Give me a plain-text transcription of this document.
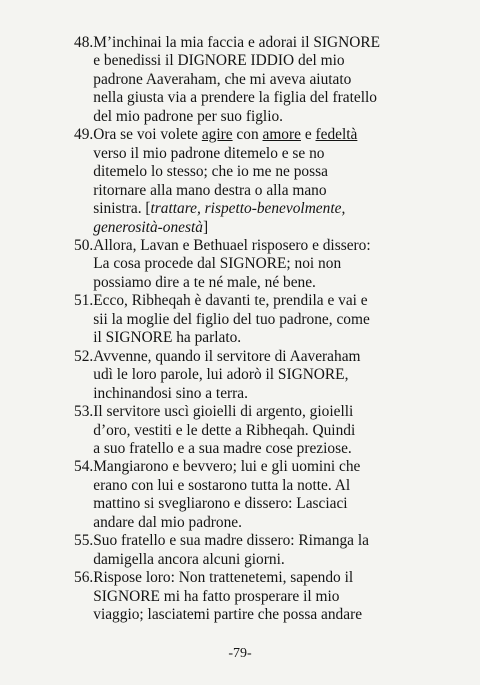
48. M’inchinai la mia faccia e adorai il SIGNORE
e benedissi il DIGNORE IDDIO del mio
padrone Aaveraham, che mi aveva aiutato
nella giusta via a prendere la figlia del fratello
del mio padrone per suo figlio.
49. Ora se voi volete agire con amore e fedeltà
verso il mio padrone ditemelo e se no
ditemelo lo stesso; che io me ne possa
ritornare alla mano destra o alla mano
sinistra. [trattare, rispetto-benevolmente,
generosità-onestà]
50. Allora, Lavan e Bethuael risposero e dissero:
La cosa procede dal SIGNORE; noi non
possiamo dire a te né male, né bene.
51. Ecco, Ribheqah è davanti te, prendila e vai e
sii la moglie del figlio del tuo padrone, come
il SIGNORE ha parlato.
52. Avvenne, quando il servitore di Aaveraham
udì le loro parole, lui adorò il SIGNORE,
inchinandosi sino a terra.
53. Il servitore uscì gioielli di argento, gioielli
d’oro, vestiti e le dette a Ribheqah. Quindi
a suo fratello e a sua madre cose preziose.
54. Mangiarono e bevvero; lui e gli uomini che
erano con lui e sostarono tutta la notte. Al
mattino si svegliarono e dissero: Lasciaci
andare dal mio padrone.
55. Suo fratello e sua madre dissero: Rimanga la
damigella ancora alcuni giorni.
56. Rispose loro: Non trattenetemi, sapendo il
SIGNORE mi ha fatto prosperare il mio
viaggio; lasciatemi partire che possa andare
-79-
